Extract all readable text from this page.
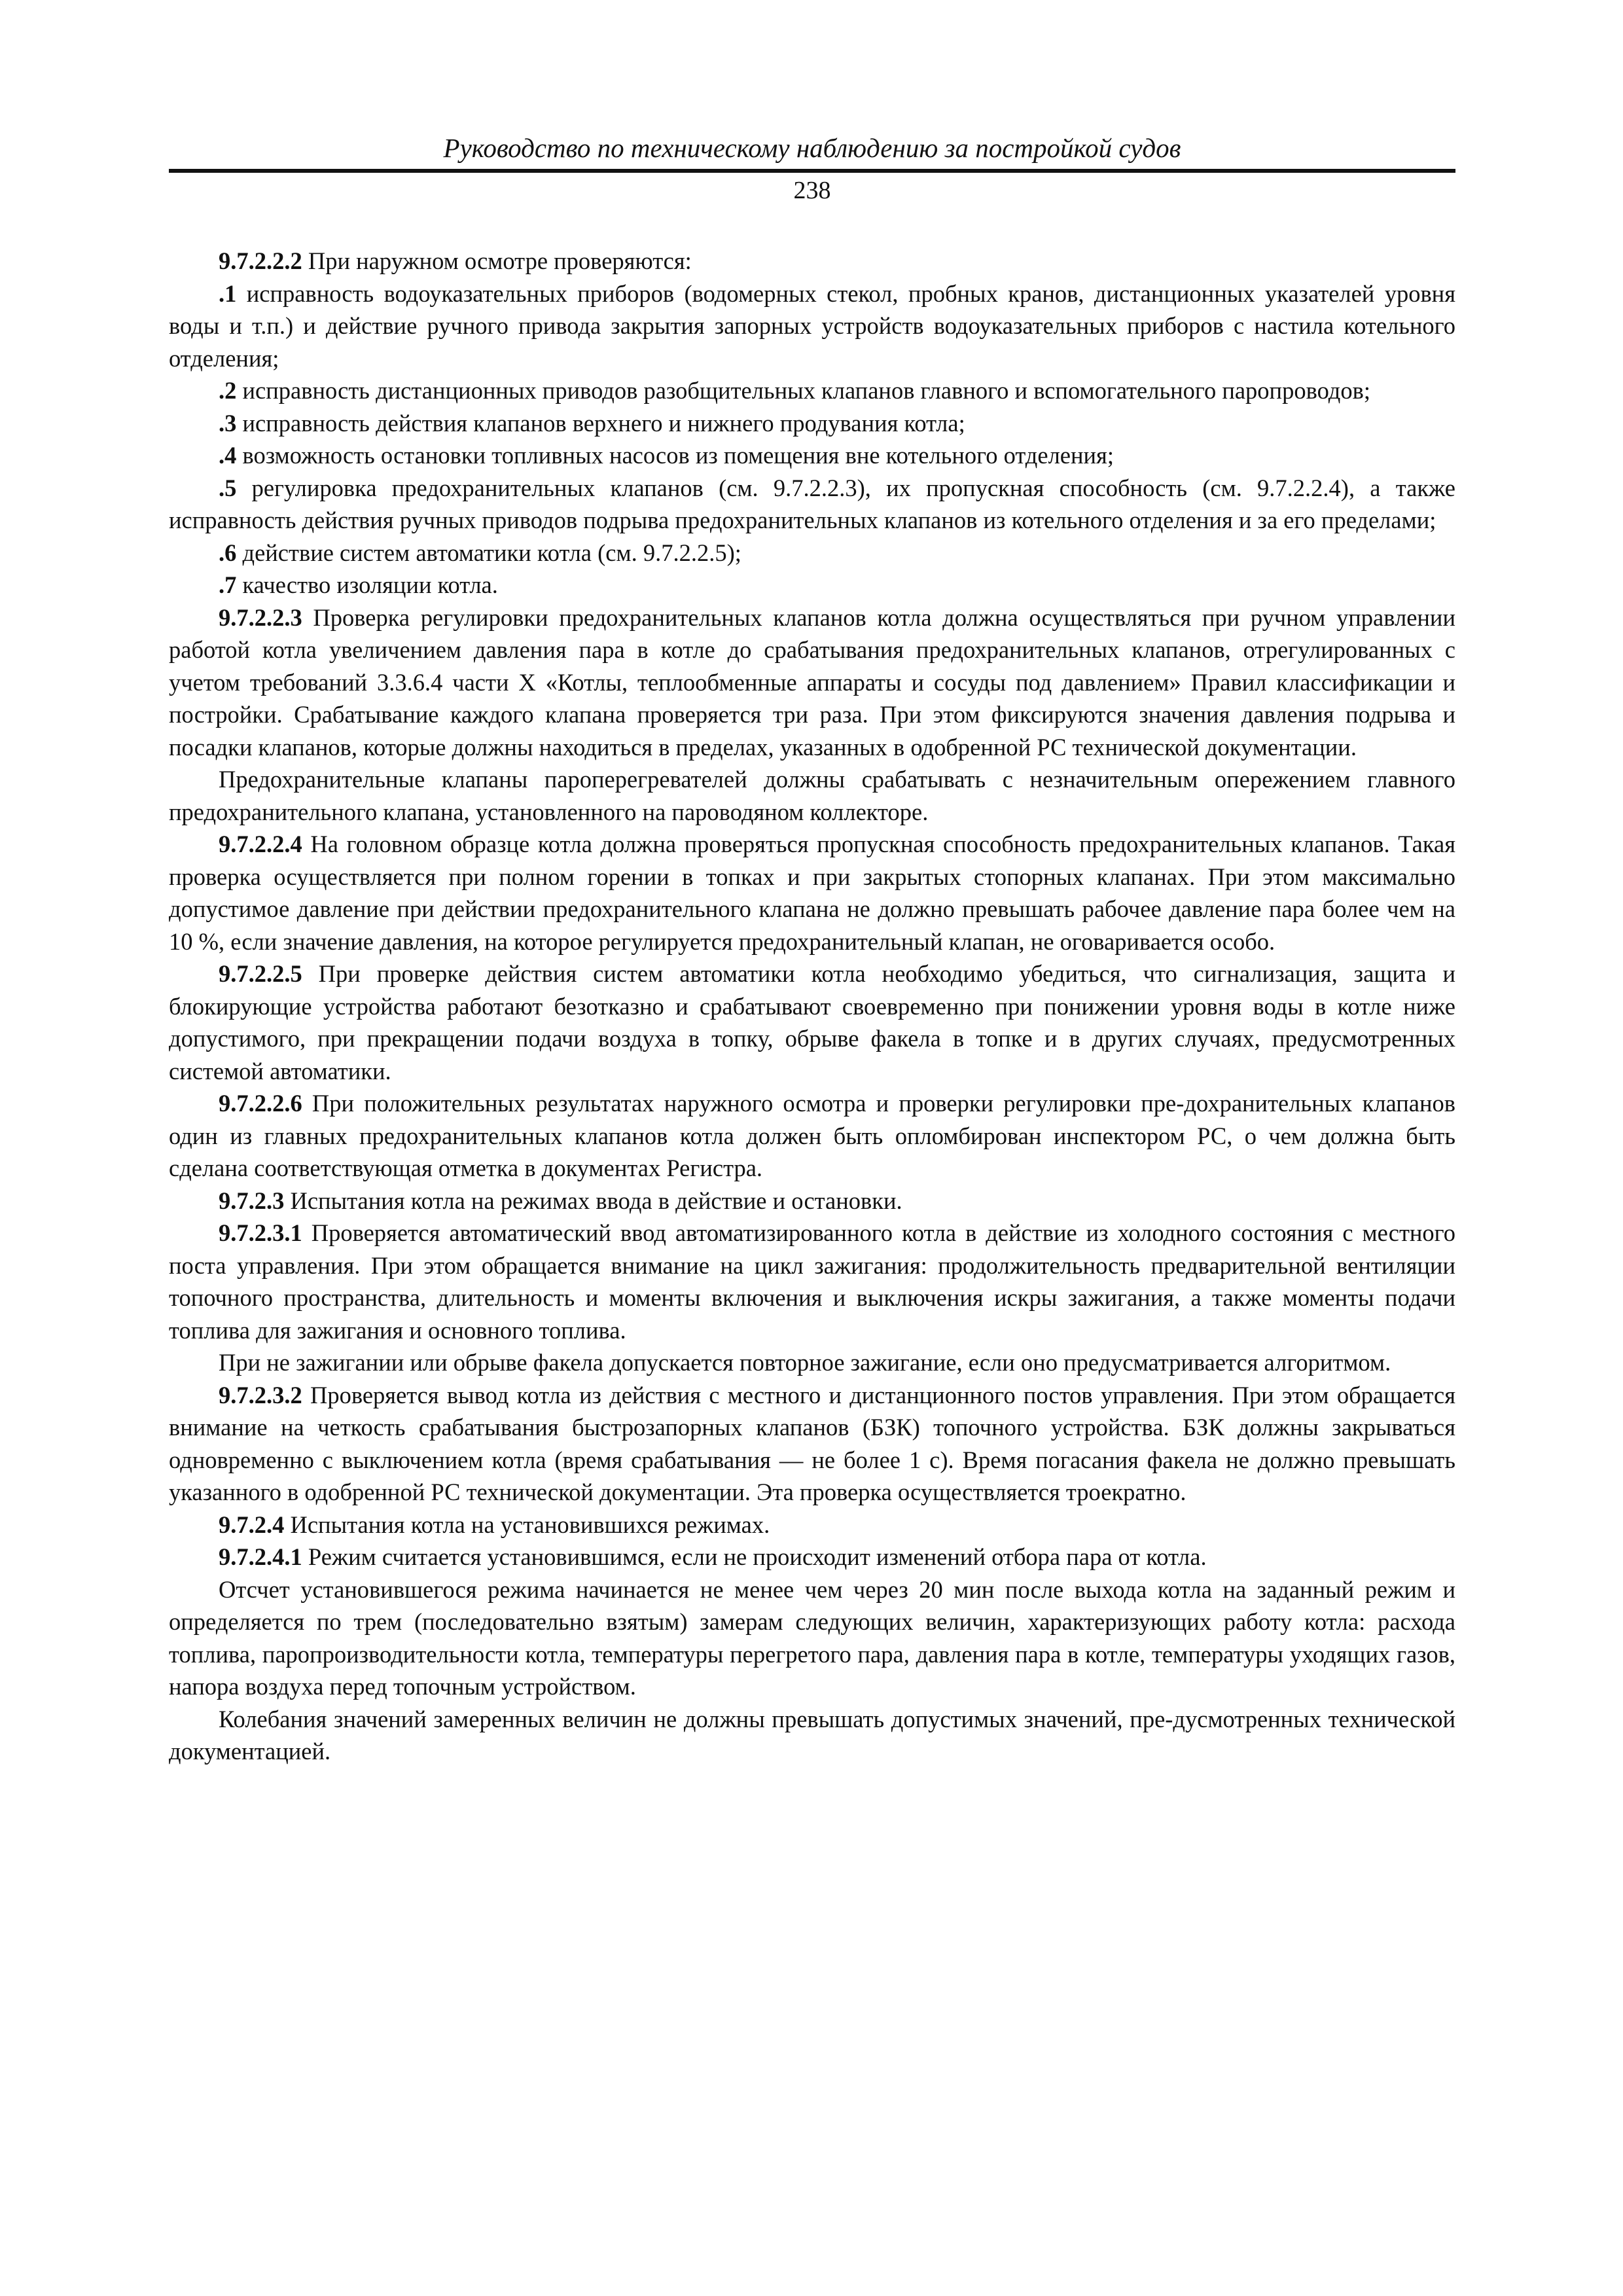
Руководство по техническому наблюдению за постройкой судов
238

9.7.2.2.2 При наружном осмотре проверяются:

.1 исправность водоуказательных приборов (водомерных стекол, пробных кранов, дистанционных указателей уровня воды и т.п.) и действие ручного привода закрытия запорных устройств водоуказательных приборов с настила котельного отделения;

.2 исправность дистанционных приводов разобщительных клапанов главного и вспомогательного паропроводов;

.3 исправность действия клапанов верхнего и нижнего продувания котла;

.4 возможность остановки топливных насосов из помещения вне котельного отделения;

.5 регулировка предохранительных клапанов (см. 9.7.2.2.3), их пропускная способность (см. 9.7.2.2.4), а также исправность действия ручных приводов подрыва предохранительных клапанов из котельного отделения и за его пределами;

.6 действие систем автоматики котла (см. 9.7.2.2.5);

.7 качество изоляции котла.

9.7.2.2.3 Проверка регулировки предохранительных клапанов котла должна осуществляться при ручном управлении работой котла увеличением давления пара в котле до срабатывания предохранительных клапанов, отрегулированных с учетом требований 3.3.6.4 части X «Котлы, теплообменные аппараты и сосуды под давлением» Правил классификации и постройки. Срабатывание каждого клапана проверяется три раза. При этом фиксируются значения давления подрыва и посадки клапанов, которые должны находиться в пределах, указанных в одобренной РС технической документации.

Предохранительные клапаны пароперегревателей должны срабатывать с незначительным опережением главного предохранительного клапана, установленного на пароводяном коллекторе.

9.7.2.2.4 На головном образце котла должна проверяться пропускная способность предохранительных клапанов. Такая проверка осуществляется при полном горении в топках и при закрытых стопорных клапанах. При этом максимально допустимое давление при действии предохранительного клапана не должно превышать рабочее давление пара более чем на 10 %, если значение давления, на которое регулируется предохранительный клапан, не оговаривается особо.

9.7.2.2.5 При проверке действия систем автоматики котла необходимо убедиться, что сигнализация, защита и блокирующие устройства работают безотказно и срабатывают своевременно при понижении уровня воды в котле ниже допустимого, при прекращении подачи воздуха в топку, обрыве факела в топке и в других случаях, предусмотренных системой автоматики.

9.7.2.2.6 При положительных результатах наружного осмотра и проверки регулировки пре-дохранительных клапанов один из главных предохранительных клапанов котла должен быть опломбирован инспектором РС, о чем должна быть сделана соответствующая отметка в документах Регистра.

9.7.2.3 Испытания котла на режимах ввода в действие и остановки.

9.7.2.3.1 Проверяется автоматический ввод автоматизированного котла в действие из холодного состояния с местного поста управления. При этом обращается внимание на цикл зажигания: продолжительность предварительной вентиляции топочного пространства, длительность и моменты включения и выключения искры зажигания, а также моменты подачи топлива для зажигания и основного топлива.

При не зажигании или обрыве факела допускается повторное зажигание, если оно предусматривается алгоритмом.

9.7.2.3.2 Проверяется вывод котла из действия с местного и дистанционного постов управления. При этом обращается внимание на четкость срабатывания быстрозапорных клапанов (БЗК) топочного устройства. БЗК должны закрываться одновременно с выключением котла (время срабатывания — не более 1 с). Время погасания факела не должно превышать указанного в одобренной РС технической документации. Эта проверка осуществляется троекратно.

9.7.2.4 Испытания котла на установившихся режимах.

9.7.2.4.1 Режим считается установившимся, если не происходит изменений отбора пара от котла.

Отсчет установившегося режима начинается не менее чем через 20 мин после выхода котла на заданный режим и определяется по трем (последовательно взятым) замерам следующих величин, характеризующих работу котла: расхода топлива, паропроизводительности котла, температуры перегретого пара, давления пара в котле, температуры уходящих газов, напора воздуха перед топочным устройством.

Колебания значений замеренных величин не должны превышать допустимых значений, пре-дусмотренных технической документацией.
